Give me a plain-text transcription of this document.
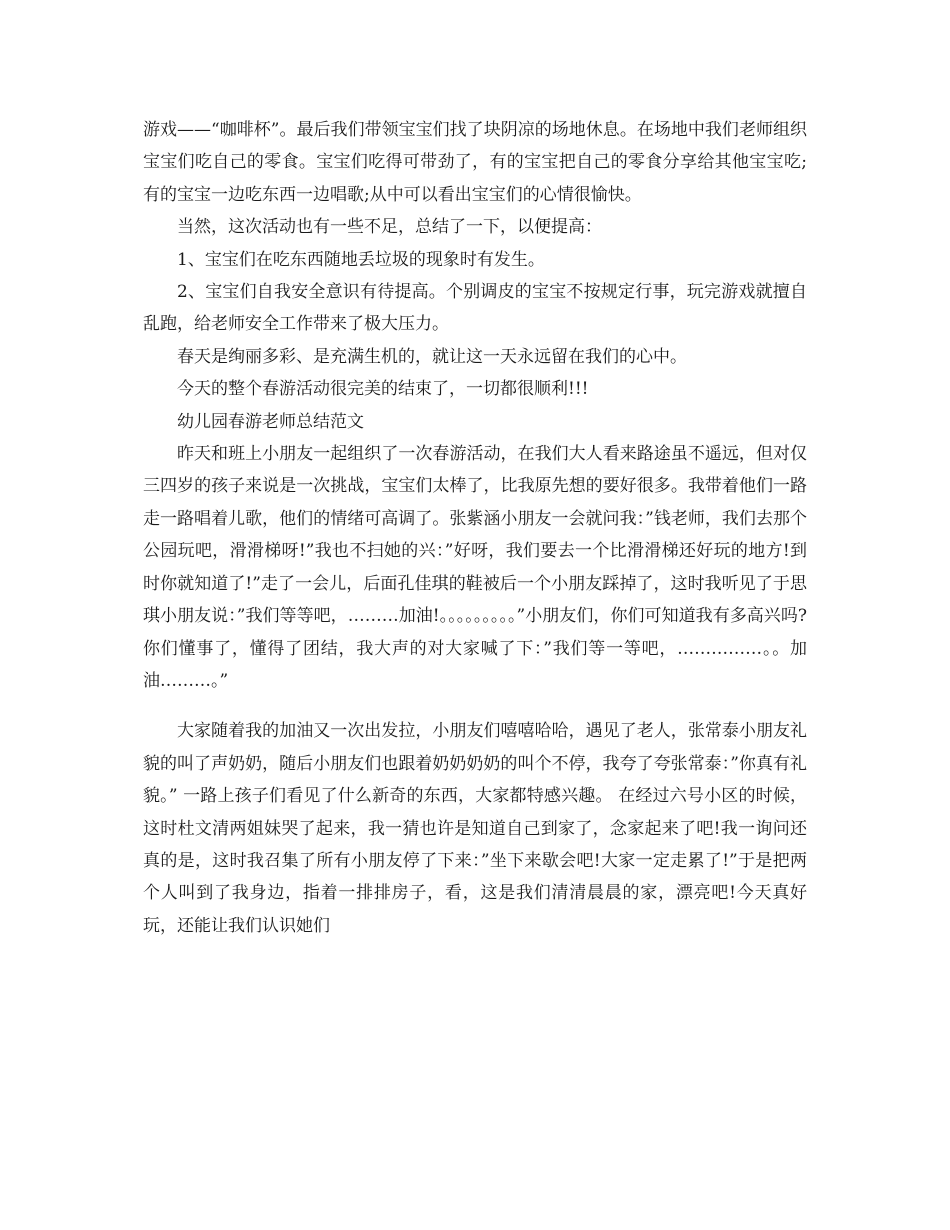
游戏——“咖啡杯”。最后我们带领宝宝们找了块阴凉的场地休息。在场地中我们老师组织宝宝们吃自己的零食。宝宝们吃得可带劲了，有的宝宝把自己的零食分享给其他宝宝吃;有的宝宝一边吃东西一边唱歌;从中可以看出宝宝们的心情很愉快。

当然，这次活动也有一些不足，总结了一下，以便提高：

1、宝宝们在吃东西随地丢垃圾的现象时有发生。

2、宝宝们自我安全意识有待提高。个别调皮的宝宝不按规定行事，玩完游戏就擅自乱跑，给老师安全工作带来了极大压力。

春天是绚丽多彩、是充满生机的，就让这一天永远留在我们的心中。

今天的整个春游活动很完美的结束了，一切都很顺利!!!

幼儿园春游老师总结范文

昨天和班上小朋友一起组织了一次春游活动，在我们大人看来路途虽不遥远，但对仅三四岁的孩子来说是一次挑战，宝宝们太棒了，比我原先想的要好很多。我带着他们一路走一路唱着儿歌，他们的情绪可高调了。张紫涵小朋友一会就问我：”钱老师，我们去那个公园玩吧，滑滑梯呀!”我也不扫她的兴：”好呀，我们要去一个比滑滑梯还好玩的地方!到时你就知道了!”走了一会儿，后面孔佳琪的鞋被后一个小朋友踩掉了，这时我听见了于思琪小朋友说：”我们等等吧，………加油!。。。。。。。。。”小朋友们，你们可知道我有多高兴吗?你们懂事了，懂得了团结，我大声的对大家喊了下：”我们等一等吧，……………。。加油………。”

大家随着我的加油又一次出发拉，小朋友们嘻嘻哈哈，遇见了老人，张常泰小朋友礼貌的叫了声奶奶，随后小朋友们也跟着奶奶奶奶的叫个不停，我夸了夸张常泰：”你真有礼貌。” 一路上孩子们看见了什么新奇的东西，大家都特感兴趣。 在经过六号小区的时候，这时杜文清两姐妹哭了起来，我一猜也许是知道自己到家了，念家起来了吧!我一询问还真的是，这时我召集了所有小朋友停了下来：”坐下来歇会吧!大家一定走累了!”于是把两个人叫到了我身边，指着一排排房子，看，这是我们清清晨晨的家，漂亮吧!今天真好玩，还能让我们认识她们
